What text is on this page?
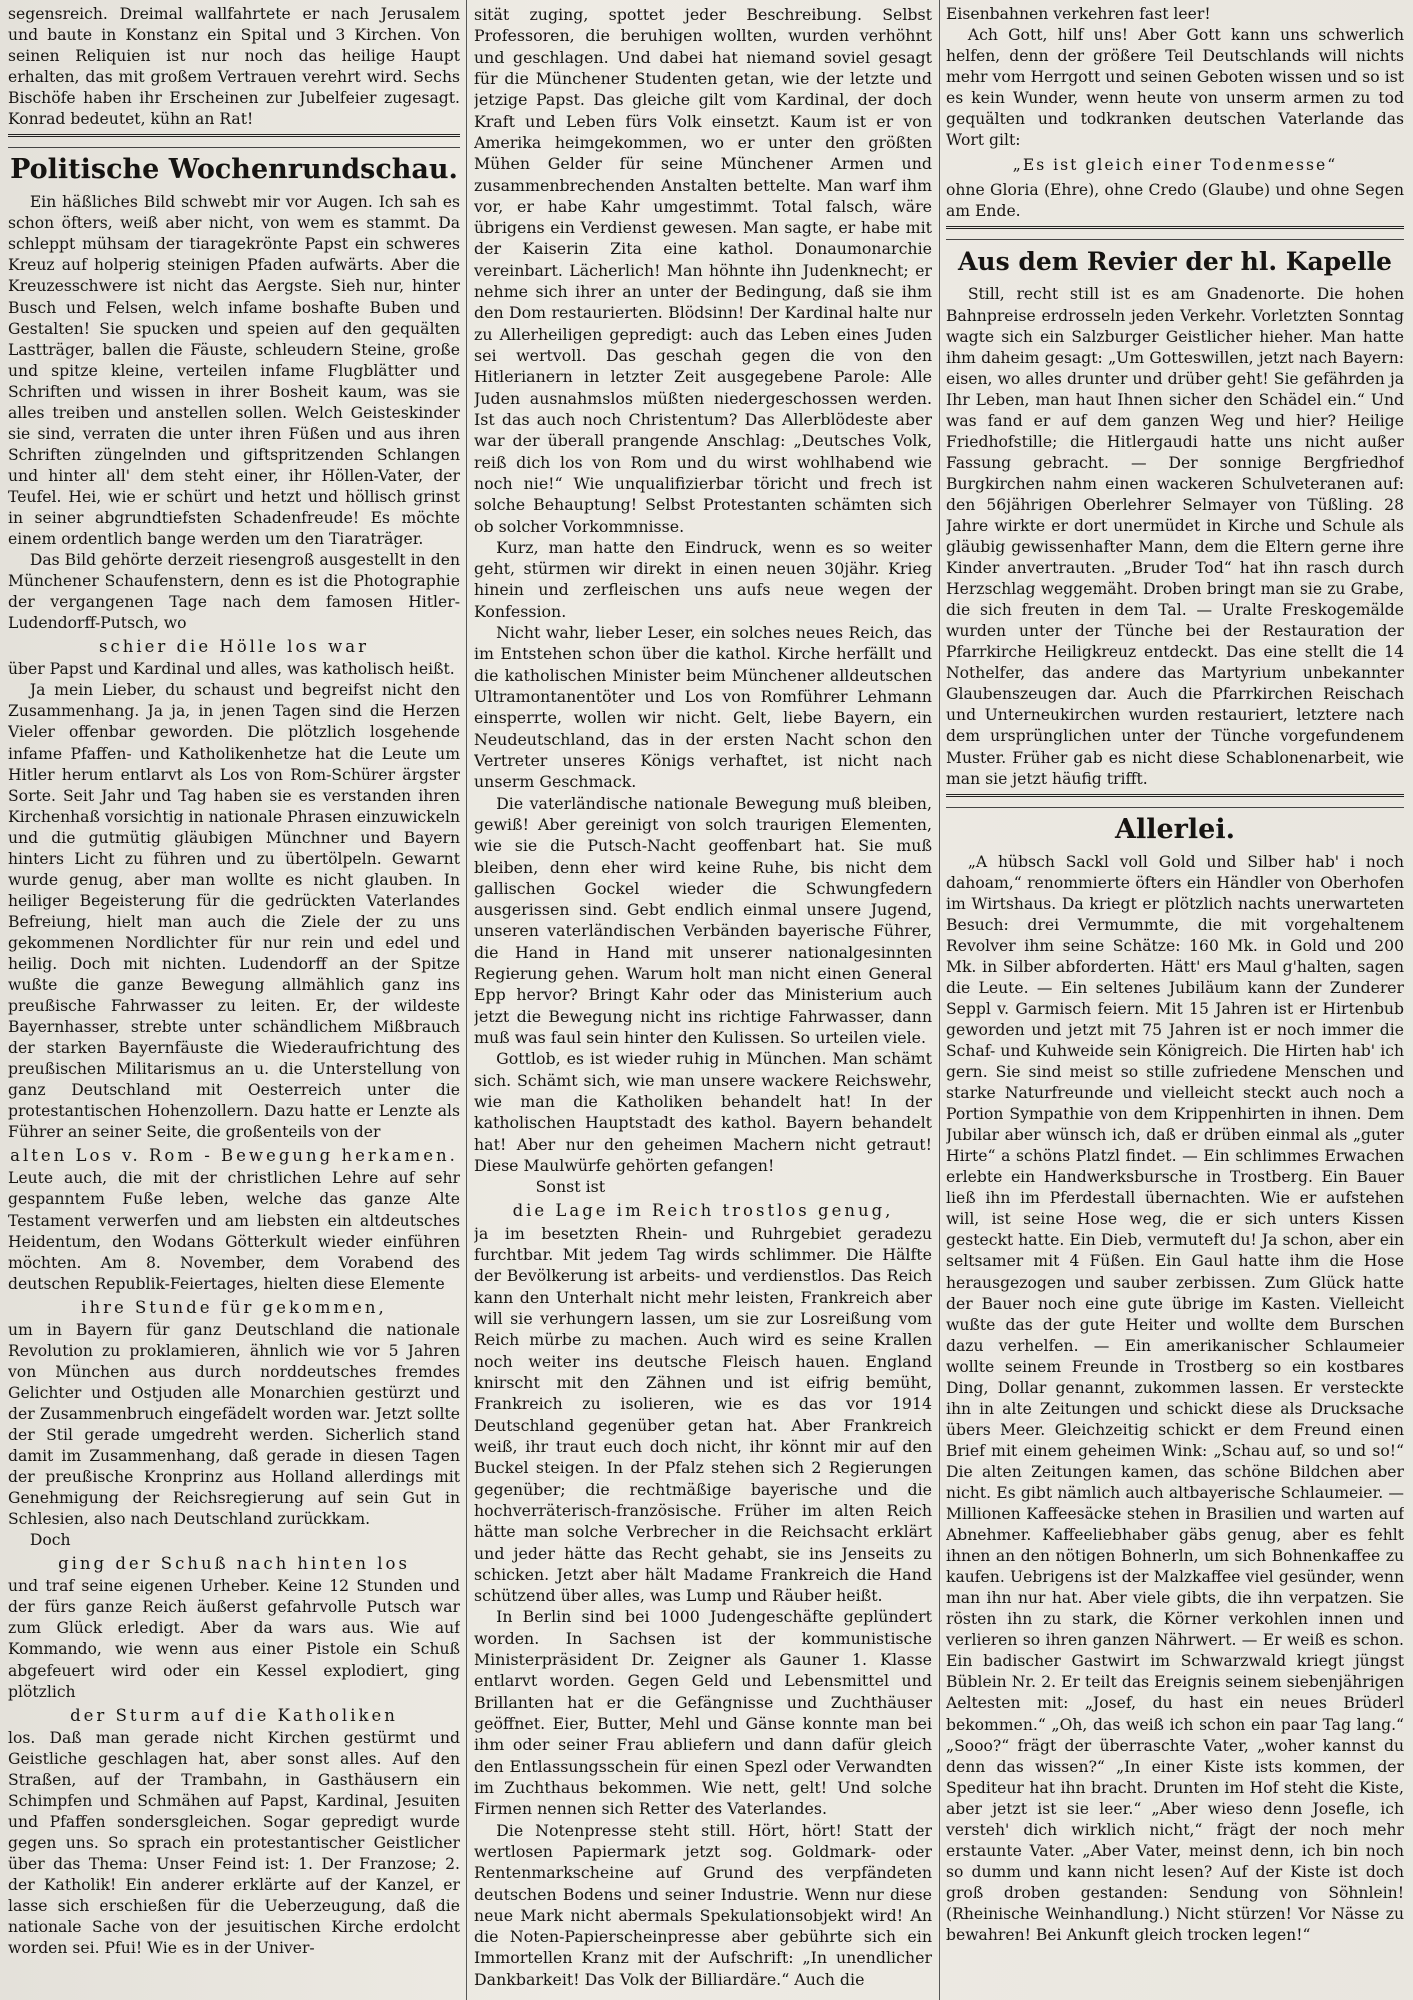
segensreich. Dreimal wallfahrtete er nach Jerusalem und baute in Konstanz ein Spital und 3 Kirchen. Von seinen Reliquien ist nur noch das heilige Haupt erhalten, das mit großem Vertrauen verehrt wird. Sechs Bischöfe haben ihr Erscheinen zur Jubelfeier zugesagt. Konrad bedeutet, kühn an Rat!

Politische Wochenrundschau.

Ein häßliches Bild schwebt mir vor Augen. Ich sah es schon öfters, weiß aber nicht, von wem es stammt. Da schleppt mühsam der tiaragekrönte Papst ein schweres Kreuz auf holperig steinigen Pfaden aufwärts. Aber die Kreuzesschwere ist nicht das Aergste. Sieh nur, hinter Busch und Felsen, welch infame boshafte Buben und Gestalten! Sie spucken und speien auf den gequälten Lastträger, ballen die Fäuste, schleudern Steine, große und spitze kleine, verteilen infame Flugblätter und Schriften und wissen in ihrer Bosheit kaum, was sie alles treiben und anstellen sollen. Welch Geisteskinder sie sind, verraten die unter ihren Füßen und aus ihren Schriften züngelnden und giftspritzenden Schlangen und hinter all' dem steht einer, ihr Höllen-Vater, der Teufel. Hei, wie er schürt und hetzt und höllisch grinst in seiner abgrundtiefsten Schadenfreude! Es möchte einem ordentlich bange werden um den Tiaraträger.

Das Bild gehörte derzeit riesengroß ausgestellt in den Münchener Schaufenstern, denn es ist die Photographie der vergangenen Tage nach dem famosen Hitler-Ludendorff-Putsch, wo

schier die Hölle los war

über Papst und Kardinal und alles, was katholisch heißt.

Ja mein Lieber, du schaust und begreifst nicht den Zusammenhang. Ja ja, in jenen Tagen sind die Herzen Vieler offenbar geworden. Die plötzlich losgehende infame Pfaffen- und Katholikenhetze hat die Leute um Hitler herum entlarvt als Los von Rom-Schürer ärgster Sorte. Seit Jahr und Tag haben sie es verstanden ihren Kirchenhaß vorsichtig in nationale Phrasen einzuwickeln und die gutmütig gläubigen Münchner und Bayern hinters Licht zu führen und zu übertölpeln. Gewarnt wurde genug, aber man wollte es nicht glauben. In heiliger Begeisterung für die gedrückten Vaterlandes Befreiung, hielt man auch die Ziele der zu uns gekommenen Nordlichter für nur rein und edel und heilig. Doch mit nichten. Ludendorff an der Spitze wußte die ganze Bewegung allmählich ganz ins preußische Fahrwasser zu leiten. Er, der wildeste Bayernhasser, strebte unter schändlichem Mißbrauch der starken Bayernfäuste die Wiederaufrichtung des preußischen Militarismus an u. die Unterstellung von ganz Deutschland mit Oesterreich unter die protestantischen Hohenzollern. Dazu hatte er Lenzte als Führer an seiner Seite, die großenteils von der

alten Los v. Rom - Bewegung herkamen.

Leute auch, die mit der christlichen Lehre auf sehr gespanntem Fuße leben, welche das ganze Alte Testament verwerfen und am liebsten ein altdeutsches Heidentum, den Wodans Götterkult wieder einführen möchten. Am 8. November, dem Vorabend des deutschen Republik-Feiertages, hielten diese Elemente

ihre Stunde für gekommen,

um in Bayern für ganz Deutschland die nationale Revolution zu proklamieren, ähnlich wie vor 5 Jahren von München aus durch norddeutsches fremdes Gelichter und Ostjuden alle Monarchien gestürzt und der Zusammenbruch eingefädelt worden war. Jetzt sollte der Stil gerade umgedreht werden. Sicherlich stand damit im Zusammenhang, daß gerade in diesen Tagen der preußische Kronprinz aus Holland allerdings mit Genehmigung der Reichsregierung auf sein Gut in Schlesien, also nach Deutschland zurückkam.

Doch

ging der Schuß nach hinten los

und traf seine eigenen Urheber. Keine 12 Stunden und der fürs ganze Reich äußerst gefahrvolle Putsch war zum Glück erledigt. Aber da wars aus. Wie auf Kommando, wie wenn aus einer Pistole ein Schuß abgefeuert wird oder ein Kessel explodiert, ging plötzlich

der Sturm auf die Katholiken

los. Daß man gerade nicht Kirchen gestürmt und Geistliche geschlagen hat, aber sonst alles. Auf den Straßen, auf der Trambahn, in Gasthäusern ein Schimpfen und Schmähen auf Papst, Kardinal, Jesuiten und Pfaffen sondersgleichen. Sogar gepredigt wurde gegen uns. So sprach ein protestantischer Geistlicher über das Thema: Unser Feind ist: 1. Der Franzose; 2. der Katholik! Ein anderer erklärte auf der Kanzel, er lasse sich erschießen für die Ueberzeugung, daß die nationale Sache von der jesuitischen Kirche erdolcht worden sei. Pfui! Wie es in der Univer-

sität zuging, spottet jeder Beschreibung. Selbst Professoren, die beruhigen wollten, wurden verhöhnt und geschlagen. Und dabei hat niemand soviel gesagt für die Münchener Studenten getan, wie der letzte und jetzige Papst. Das gleiche gilt vom Kardinal, der doch Kraft und Leben fürs Volk einsetzt. Kaum ist er von Amerika heimgekommen, wo er unter den größten Mühen Gelder für seine Münchener Armen und zusammenbrechenden Anstalten bettelte. Man warf ihm vor, er habe Kahr umgestimmt. Total falsch, wäre übrigens ein Verdienst gewesen. Man sagte, er habe mit der Kaiserin Zita eine kathol. Donaumonarchie vereinbart. Lächerlich! Man höhnte ihn Judenknecht; er nehme sich ihrer an unter der Bedingung, daß sie ihm den Dom restaurierten. Blödsinn! Der Kardinal halte nur zu Allerheiligen gepredigt: auch das Leben eines Juden sei wertvoll. Das geschah gegen die von den Hitlerianern in letzter Zeit ausgegebene Parole: Alle Juden ausnahmslos müßten niedergeschossen werden. Ist das auch noch Christentum? Das Allerblödeste aber war der überall prangende Anschlag: „Deutsches Volk, reiß dich los von Rom und du wirst wohlhabend wie noch nie!“ Wie unqualifizierbar töricht und frech ist solche Behauptung! Selbst Protestanten schämten sich ob solcher Vorkommnisse.

Kurz, man hatte den Eindruck, wenn es so weiter geht, stürmen wir direkt in einen neuen 30jähr. Krieg hinein und zerfleischen uns aufs neue wegen der Konfession.

Nicht wahr, lieber Leser, ein solches neues Reich, das im Entstehen schon über die kathol. Kirche herfällt und die katholischen Minister beim Münchener alldeutschen Ultramontanentöter und Los von Romführer Lehmann einsperrte, wollen wir nicht. Gelt, liebe Bayern, ein Neudeutschland, das in der ersten Nacht schon den Vertreter unseres Königs verhaftet, ist nicht nach unserm Geschmack.

Die vaterländische nationale Bewegung muß bleiben, gewiß! Aber gereinigt von solch traurigen Elementen, wie sie die Putsch-Nacht geoffenbart hat. Sie muß bleiben, denn eher wird keine Ruhe, bis nicht dem gallischen Gockel wieder die Schwungfedern ausgerissen sind. Gebt endlich einmal unsere Jugend, unseren vaterländischen Verbänden bayerische Führer, die Hand in Hand mit unserer nationalgesinnten Regierung gehen. Warum holt man nicht einen General Epp hervor? Bringt Kahr oder das Ministerium auch jetzt die Bewegung nicht ins richtige Fahrwasser, dann muß was faul sein hinter den Kulissen. So urteilen viele.

Gottlob, es ist wieder ruhig in München. Man schämt sich. Schämt sich, wie man unsere wackere Reichswehr, wie man die Katholiken behandelt hat! In der katholischen Hauptstadt des kathol. Bayern behandelt hat! Aber nur den geheimen Machern nicht getraut! Diese Maulwürfe gehörten gefangen!

Sonst ist

die Lage im Reich trostlos genug,

ja im besetzten Rhein- und Ruhrgebiet geradezu furchtbar. Mit jedem Tag wirds schlimmer. Die Hälfte der Bevölkerung ist arbeits- und verdienstlos. Das Reich kann den Unterhalt nicht mehr leisten, Frankreich aber will sie verhungern lassen, um sie zur Losreißung vom Reich mürbe zu machen. Auch wird es seine Krallen noch weiter ins deutsche Fleisch hauen. England knirscht mit den Zähnen und ist eifrig bemüht, Frankreich zu isolieren, wie es das vor 1914 Deutschland gegenüber getan hat. Aber Frankreich weiß, ihr traut euch doch nicht, ihr könnt mir auf den Buckel steigen. In der Pfalz stehen sich 2 Regierungen gegenüber; die rechtmäßige bayerische und die hochverräterisch-französische. Früher im alten Reich hätte man solche Verbrecher in die Reichsacht erklärt und jeder hätte das Recht gehabt, sie ins Jenseits zu schicken. Jetzt aber hält Madame Frankreich die Hand schützend über alles, was Lump und Räuber heißt.

In Berlin sind bei 1000 Judengeschäfte geplündert worden. In Sachsen ist der kommunistische Ministerpräsident Dr. Zeigner als Gauner 1. Klasse entlarvt worden. Gegen Geld und Lebensmittel und Brillanten hat er die Gefängnisse und Zuchthäuser geöffnet. Eier, Butter, Mehl und Gänse konnte man bei ihm oder seiner Frau abliefern und dann dafür gleich den Entlassungsschein für einen Spezl oder Verwandten im Zuchthaus bekommen. Wie nett, gelt! Und solche Firmen nennen sich Retter des Vaterlandes.

Die Notenpresse steht still. Hört, hört! Statt der wertlosen Papiermark jetzt sog. Goldmark- oder Rentenmarkscheine auf Grund des verpfändeten deutschen Bodens und seiner Industrie. Wenn nur diese neue Mark nicht abermals Spekulationsobjekt wird! An die Noten-Papierscheinpresse aber gebührte sich ein Immortellen Kranz mit der Aufschrift: „In unendlicher Dankbarkeit! Das Volk der Billiardäre.“ Auch die

Eisenbahnen verkehren fast leer!

Ach Gott, hilf uns! Aber Gott kann uns schwerlich helfen, denn der größere Teil Deutschlands will nichts mehr vom Herrgott und seinen Geboten wissen und so ist es kein Wunder, wenn heute von unserm armen zu tod gequälten und todkranken deutschen Vaterlande das Wort gilt:

„Es ist gleich einer Todenmesse“

ohne Gloria (Ehre), ohne Credo (Glaube) und ohne Segen am Ende.

Aus dem Revier der hl. Kapelle

Still, recht still ist es am Gnadenorte. Die hohen Bahnpreise erdrosseln jeden Verkehr. Vorletzten Sonntag wagte sich ein Salzburger Geistlicher hieher. Man hatte ihm daheim gesagt: „Um Gotteswillen, jetzt nach Bayern: eisen, wo alles drunter und drüber geht! Sie gefährden ja Ihr Leben, man haut Ihnen sicher den Schädel ein.“ Und was fand er auf dem ganzen Weg und hier? Heilige Friedhofstille; die Hitlergaudi hatte uns nicht außer Fassung gebracht. — Der sonnige Bergfriedhof Burgkirchen nahm einen wackeren Schulveteranen auf: den 56jährigen Oberlehrer Selmayer von Tüßling. 28 Jahre wirkte er dort unermüdet in Kirche und Schule als gläubig gewissenhafter Mann, dem die Eltern gerne ihre Kinder anvertrauten. „Bruder Tod“ hat ihn rasch durch Herzschlag weggemäht. Droben bringt man sie zu Grabe, die sich freuten in dem Tal. — Uralte Freskogemälde wurden unter der Tünche bei der Restauration der Pfarrkirche Heiligkreuz entdeckt. Das eine stellt die 14 Nothelfer, das andere das Martyrium unbekannter Glaubenszeugen dar. Auch die Pfarrkirchen Reischach und Unterneukirchen wurden restauriert, letztere nach dem ursprünglichen unter der Tünche vorgefundenem Muster. Früher gab es nicht diese Schablonenarbeit, wie man sie jetzt häufig trifft.

Allerlei.

„A hübsch Sackl voll Gold und Silber hab' i noch dahoam,“ renommierte öfters ein Händler von Oberhofen im Wirtshaus. Da kriegt er plötzlich nachts unerwarteten Besuch: drei Vermummte, die mit vorgehaltenem Revolver ihm seine Schätze: 160 Mk. in Gold und 200 Mk. in Silber abforderten. Hätt' ers Maul g'halten, sagen die Leute. — Ein seltenes Jubiläum kann der Zunderer Seppl v. Garmisch feiern. Mit 15 Jahren ist er Hirtenbub geworden und jetzt mit 75 Jahren ist er noch immer die Schaf- und Kuhweide sein Königreich. Die Hirten hab' ich gern. Sie sind meist so stille zufriedene Menschen und starke Naturfreunde und vielleicht steckt auch noch a Portion Sympathie von dem Krippenhirten in ihnen. Dem Jubilar aber wünsch ich, daß er drüben einmal als „guter Hirte“ a schöns Platzl findet. — Ein schlimmes Erwachen erlebte ein Handwerksbursche in Trostberg. Ein Bauer ließ ihn im Pferdestall übernachten. Wie er aufstehen will, ist seine Hose weg, die er sich unters Kissen gesteckt hatte. Ein Dieb, vermuteft du! Ja schon, aber ein seltsamer mit 4 Füßen. Ein Gaul hatte ihm die Hose herausgezogen und sauber zerbissen. Zum Glück hatte der Bauer noch eine gute übrige im Kasten. Vielleicht wußte das der gute Heiter und wollte dem Burschen dazu verhelfen. — Ein amerikanischer Schlaumeier wollte seinem Freunde in Trostberg so ein kostbares Ding, Dollar genannt, zukommen lassen. Er versteckte ihn in alte Zeitungen und schickt diese als Drucksache übers Meer. Gleichzeitig schickt er dem Freund einen Brief mit einem geheimen Wink: „Schau auf, so und so!“ Die alten Zeitungen kamen, das schöne Bildchen aber nicht. Es gibt nämlich auch altbayerische Schlaumeier. — Millionen Kaffeesäcke stehen in Brasilien und warten auf Abnehmer. Kaffeeliebhaber gäbs genug, aber es fehlt ihnen an den nötigen Bohnerln, um sich Bohnenkaffee zu kaufen. Uebrigens ist der Malzkaffee viel gesünder, wenn man ihn nur hat. Aber viele gibts, die ihn verpatzen. Sie rösten ihn zu stark, die Körner verkohlen innen und verlieren so ihren ganzen Nährwert. — Er weiß es schon. Ein badischer Gastwirt im Schwarzwald kriegt jüngst Büblein Nr. 2. Er teilt das Ereignis seinem siebenjährigen Aeltesten mit: „Josef, du hast ein neues Brüderl bekommen.“ „Oh, das weiß ich schon ein paar Tag lang.“ „Sooo?“ frägt der überraschte Vater, „woher kannst du denn das wissen?“ „In einer Kiste ists kommen, der Spediteur hat ihn bracht. Drunten im Hof steht die Kiste, aber jetzt ist sie leer.“ „Aber wieso denn Josefle, ich versteh' dich wirklich nicht,“ frägt der noch mehr erstaunte Vater. „Aber Vater, meinst denn, ich bin noch so dumm und kann nicht lesen? Auf der Kiste ist doch groß droben gestanden: Sendung von Söhnlein! (Rheinische Weinhandlung.) Nicht stürzen! Vor Nässe zu bewahren! Bei Ankunft gleich trocken legen!“
